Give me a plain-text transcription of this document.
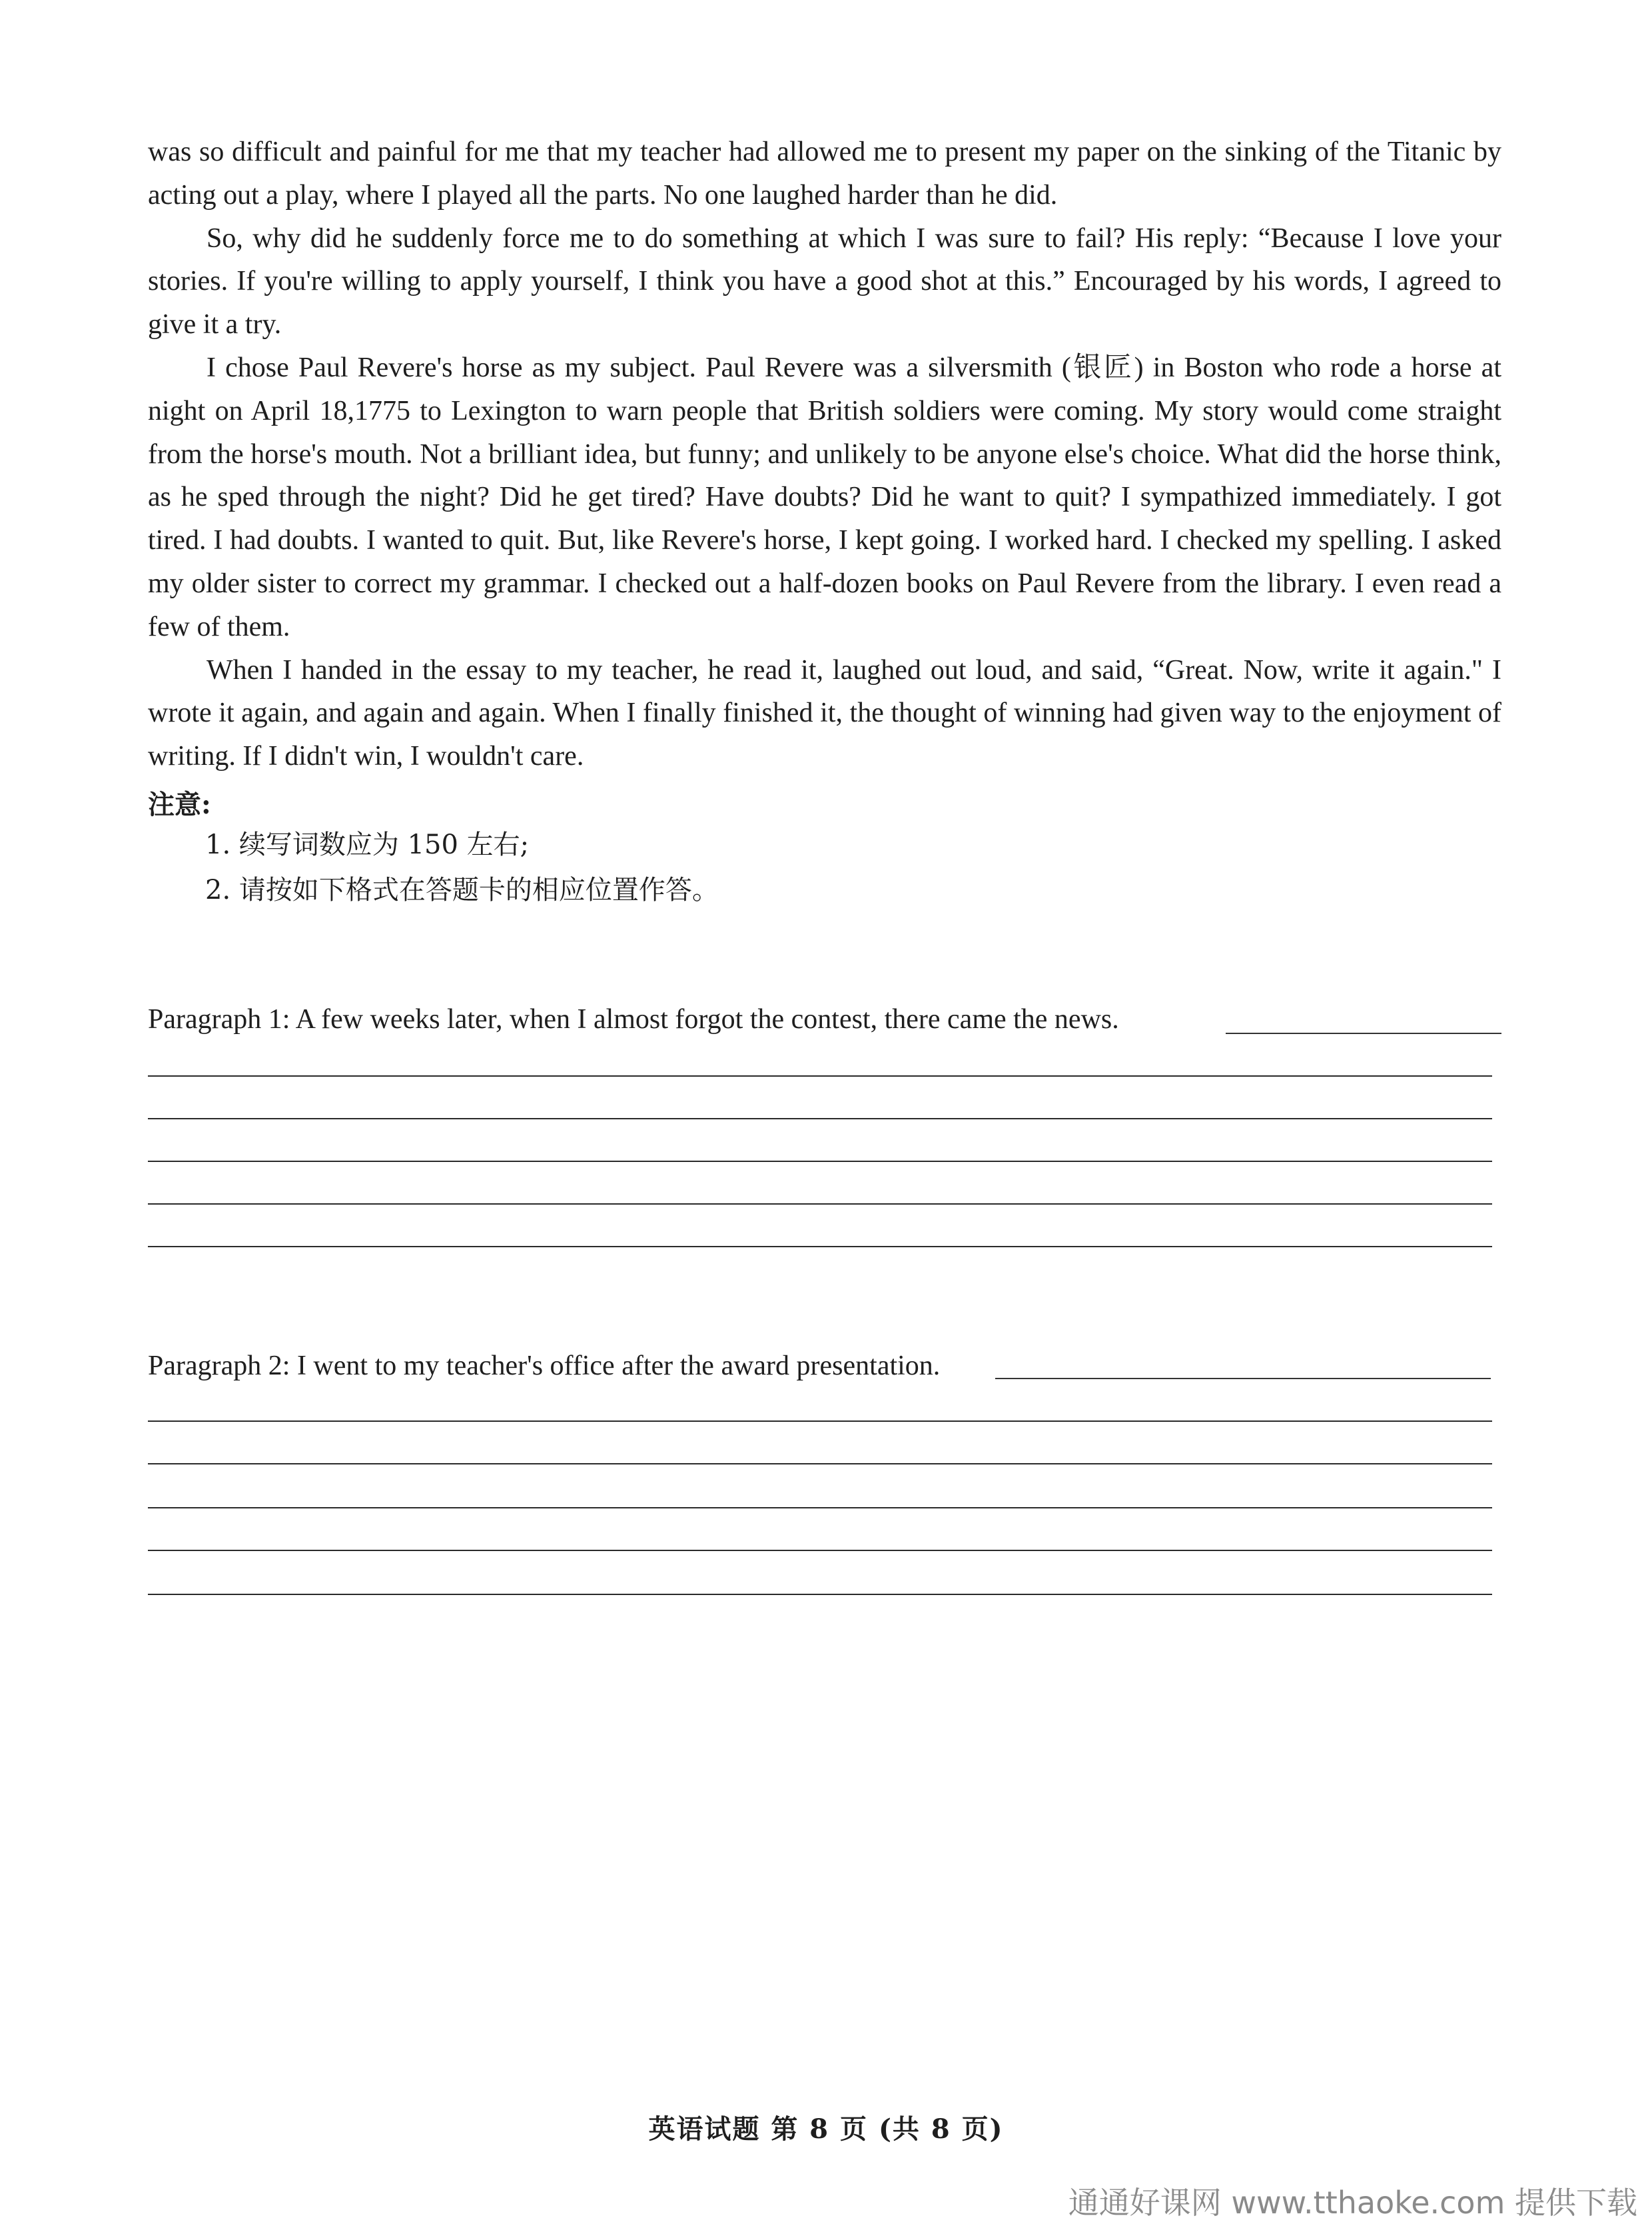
was so difficult and painful for me that my teacher had allowed me to present my paper on the sinking of the Titanic by acting out a play, where I played all the parts. No one laughed harder than he did.

So, why did he suddenly force me to do something at which I was sure to fail? His reply: “Because I love your stories. If you're willing to apply yourself, I think you have a good shot at this.” Encouraged by his words, I agreed to give it a try.

I chose Paul Revere's horse as my subject. Paul Revere was a silversmith (银匠) in Boston who rode a horse at night on April 18,1775 to Lexington to warn people that British soldiers were coming. My story would come straight from the horse's mouth. Not a brilliant idea, but funny; and unlikely to be anyone else's choice. What did the horse think, as he sped through the night? Did he get tired? Have doubts? Did he want to quit? I sympathized immediately. I got tired. I had doubts. I wanted to quit. But, like Revere's horse, I kept going. I worked hard. I checked my spelling. I asked my older sister to correct my grammar. I checked out a half-dozen books on Paul Revere from the library. I even read a few of them.

When I handed in the essay to my teacher, he read it, laughed out loud, and said, “Great. Now, write it again." I wrote it again, and again and again. When I finally finished it, the thought of winning had given way to the enjoyment of writing. If I didn't win, I wouldn't care.

注意:
1. 续写词数应为 150 左右;
2. 请按如下格式在答题卡的相应位置作答。
Paragraph 1: A few weeks later, when I almost forgot the contest, there came the news.
Paragraph 2: I went to my teacher's office after the award presentation.
英语试题 第 8 页 (共 8 页)
通通好课网 www.tthaoke.com 提供下载
